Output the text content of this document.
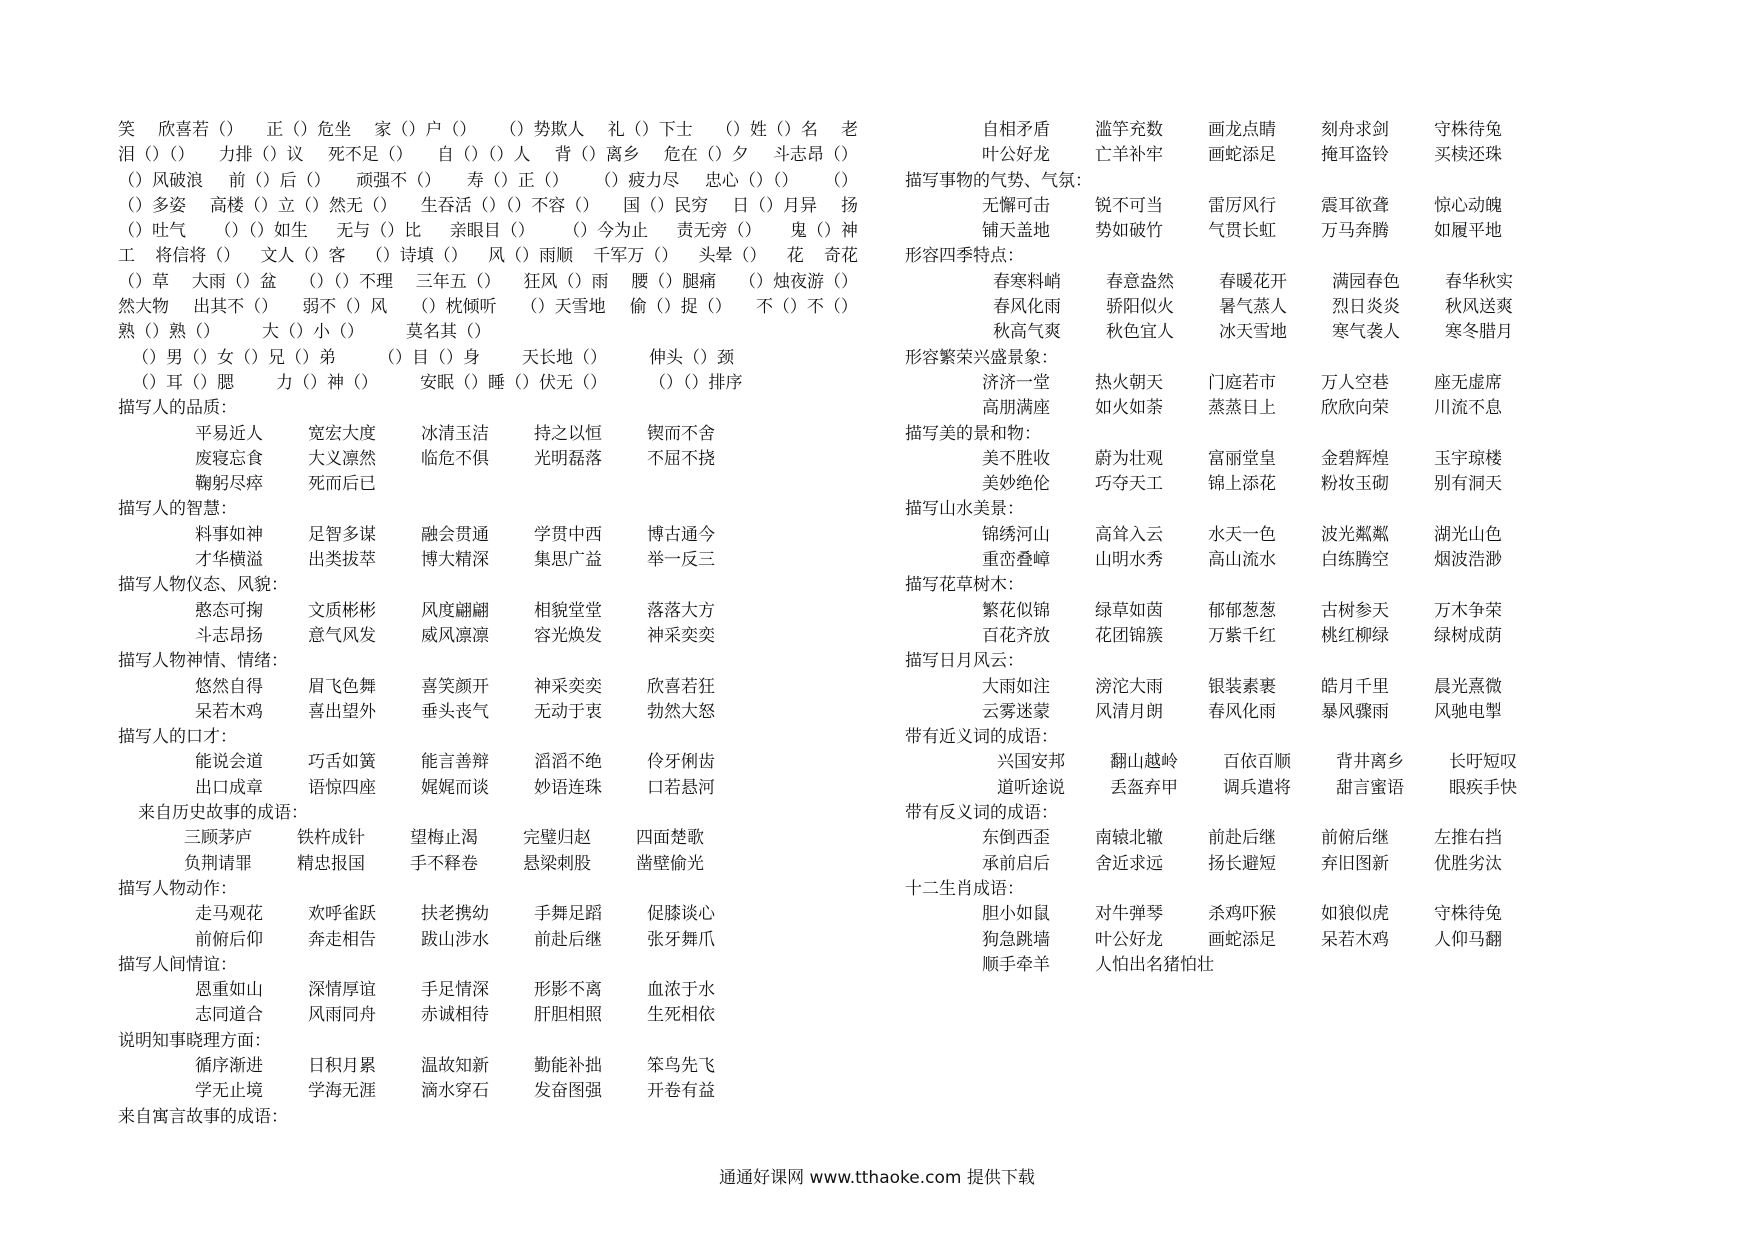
笑 欣喜若（） 正（）危坐 家（）户（） （）势欺人 礼（）下士 （）姓（）名 老
泪（）（） 力排（）议 死不足（） 自（）（）人 背（）离乡 危在（）夕 斗志昂（）
（）风破浪 前（）后（） 顽强不（） 寿（）正（） （）疲力尽 忠心（）（） （）
（）多姿 高楼（）立（）然无（） 生吞活（）（）不容（） 国（）民穷 日（）月异 扬
（）吐气 （）（）如生 无与（）比 亲眼目（） （）今为止 责无旁（） 鬼（）神
工 将信将（） 文人（）客 （）诗填（） 风（）雨顺 千军万（） 头晕（） 花 奇花
（）草 大雨（）盆 （）（）不理 三年五（） 狂风（）雨 腰（）腿痛 （）烛夜游（）
然大物 出其不（） 弱不（）风 （）枕倾听 （）天雪地 偷（）捉（） 不（）不（）
熟（）熟（） 大（）小（） 莫名其（）
（）男（）女（）兄（）弟 （）目（）身 天长地（） 伸头（）颈
（）耳（）腮 力（）神（） 安眠（）睡（）伏无（） （）（）排序
描写人的品质：
平易近人	宽宏大度	冰清玉洁	持之以恒	锲而不舍
废寝忘食	大义凛然	临危不俱	光明磊落	不屈不挠
鞠躬尽瘁	死而后已
描写人的智慧：
料事如神	足智多谋	融会贯通	学贯中西	博古通今
才华横溢	出类拔萃	博大精深	集思广益	举一反三
描写人物仪态、风貌：
憨态可掬	文质彬彬	风度翩翩	相貌堂堂	落落大方
斗志昂扬	意气风发	威风凛凛	容光焕发	神采奕奕
描写人物神情、情绪：
悠然自得	眉飞色舞	喜笑颜开	神采奕奕	欣喜若狂
呆若木鸡	喜出望外	垂头丧气	无动于衷	勃然大怒
描写人的口才：
能说会道	巧舌如簧	能言善辩	滔滔不绝	伶牙俐齿
出口成章	语惊四座	娓娓而谈	妙语连珠	口若悬河
来自历史故事的成语：
三顾茅庐	铁杵成针	望梅止渴	完璧归赵	四面楚歌
负荆请罪	精忠报国	手不释卷	悬梁刺股	凿壁偷光
描写人物动作：
走马观花	欢呼雀跃	扶老携幼	手舞足蹈	促膝谈心
前俯后仰	奔走相告	跋山涉水	前赴后继	张牙舞爪
描写人间情谊：
恩重如山	深情厚谊	手足情深	形影不离	血浓于水
志同道合	风雨同舟	赤诚相待	肝胆相照	生死相依
说明知事晓理方面：
循序渐进	日积月累	温故知新	勤能补拙	笨鸟先飞
学无止境	学海无涯	滴水穿石	发奋图强	开卷有益
来自寓言故事的成语：
自相矛盾	滥竽充数	画龙点睛	刻舟求剑	守株待兔
叶公好龙	亡羊补牢	画蛇添足	掩耳盗铃	买椟还珠
描写事物的气势、气氛：
无懈可击	锐不可当	雷厉风行	震耳欲聋	惊心动魄
铺天盖地	势如破竹	气贯长虹	万马奔腾	如履平地
形容四季特点：
春寒料峭	春意盎然	春暖花开	满园春色	春华秋实
春风化雨	骄阳似火	暑气蒸人	烈日炎炎	秋风送爽
秋高气爽	秋色宜人	冰天雪地	寒气袭人	寒冬腊月
形容繁荣兴盛景象：
济济一堂	热火朝天	门庭若市	万人空巷	座无虚席
高朋满座	如火如荼	蒸蒸日上	欣欣向荣	川流不息
描写美的景和物：
美不胜收	蔚为壮观	富丽堂皇	金碧辉煌	玉宇琼楼
美妙绝伦	巧夺天工	锦上添花	粉妆玉砌	别有洞天
描写山水美景：
锦绣河山	高耸入云	水天一色	波光粼粼	湖光山色
重峦叠嶂	山明水秀	高山流水	白练腾空	烟波浩渺
描写花草树木：
繁花似锦	绿草如茵	郁郁葱葱	古树参天	万木争荣
百花齐放	花团锦簇	万紫千红	桃红柳绿	绿树成荫
描写日月风云：
大雨如注	滂沱大雨	银装素裹	皓月千里	晨光熹微
云雾迷蒙	风清月朗	春风化雨	暴风骤雨	风驰电掣
带有近义词的成语：
兴国安邦	翻山越岭	百依百顺	背井离乡	长吁短叹
道听途说	丢盔弃甲	调兵遣将	甜言蜜语	眼疾手快
带有反义词的成语：
东倒西歪	南辕北辙	前赴后继	前俯后继	左推右挡
承前启后	舍近求远	扬长避短	弃旧图新	优胜劣汰
十二生肖成语：
胆小如鼠	对牛弹琴	杀鸡吓猴	如狼似虎	守株待兔
狗急跳墙	叶公好龙	画蛇添足	呆若木鸡	人仰马翻
顺手牵羊	人怕出名猪怕壮
通通好课网 www.tthaoke.com 提供下载
